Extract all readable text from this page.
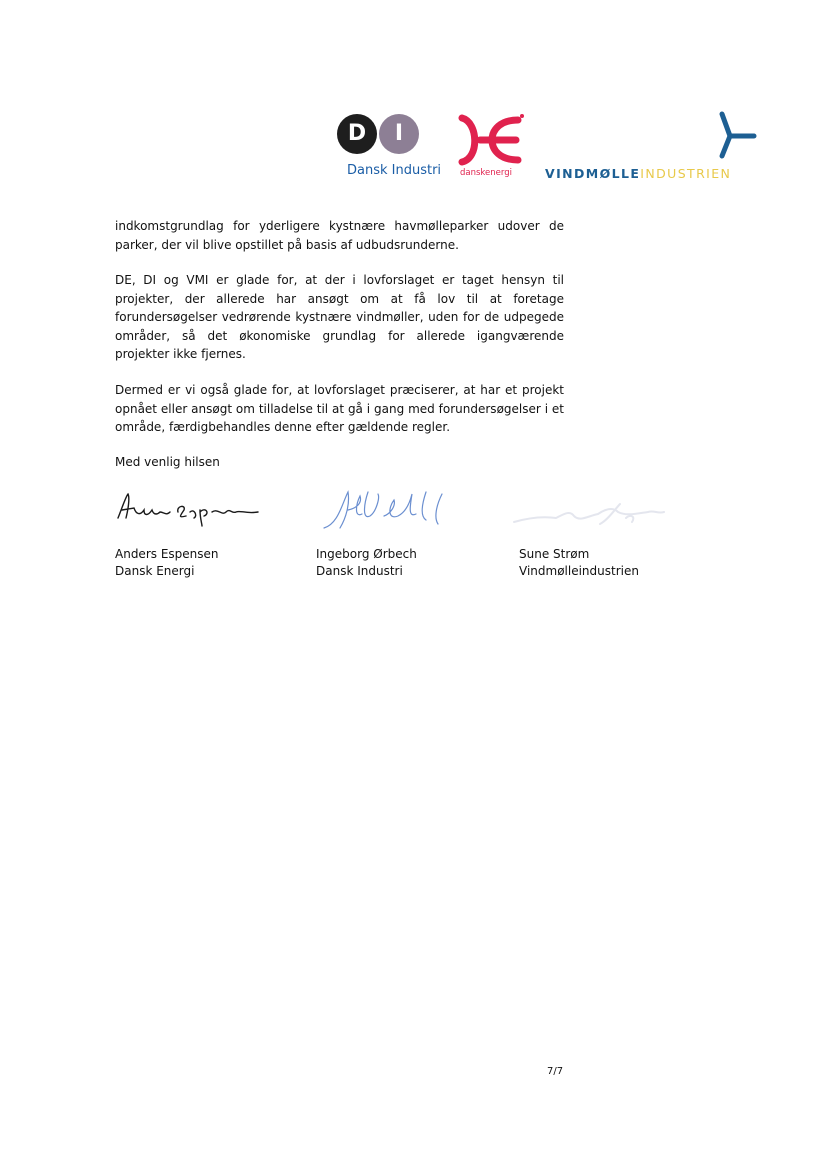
D	I
Dansk Industri danskenergi	VINDMØLLEINDUSTRIEN

indkomstgrundlag for yderligere kystnære havmølleparker udover de parker, der vil blive opstillet på basis af udbudsrunderne.

DE, DI og VMI er glade for, at der i lovforslaget er taget hensyn til projekter, der allerede har ansøgt om at få lov til at foretage forundersøgelser vedrørende kystnære vindmøller, uden for de udpegede områder, så det økonomiske grundlag for allerede igangværende projekter ikke fjernes.

Dermed er vi også glade for, at lovforslaget præciserer, at har et projekt opnået eller ansøgt om tilladelse til at gå i gang med forundersøgelser i et område, færdigbehandles denne efter gældende regler.

Med venlig hilsen

Anders Espensen
Dansk Energi
Ingeborg Ørbech
Dansk Industri
Sune Strøm
Vindmølleindustrien
7/7
